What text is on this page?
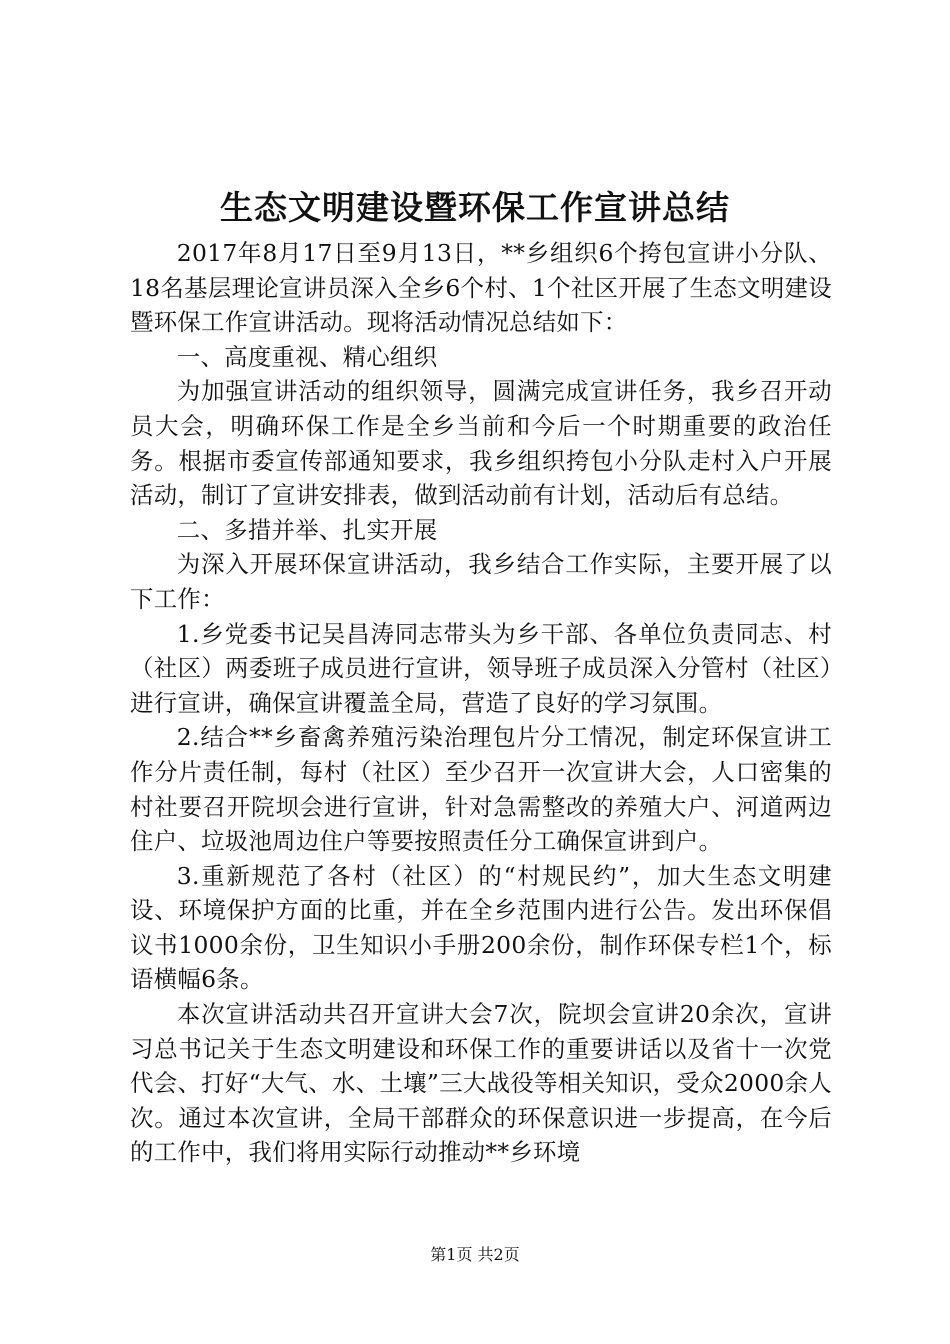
生态文明建设暨环保工作宣讲总结

2017年8月17日至9月13日，**乡组织6个挎包宣讲小分队、18名基层理论宣讲员深入全乡6个村、1个社区开展了生态文明建设暨环保工作宣讲活动。现将活动情况总结如下：

一、高度重视、精心组织

为加强宣讲活动的组织领导，圆满完成宣讲任务，我乡召开动员大会，明确环保工作是全乡当前和今后一个时期重要的政治任务。根据市委宣传部通知要求，我乡组织挎包小分队走村入户开展活动，制订了宣讲安排表，做到活动前有计划，活动后有总结。

二、多措并举、扎实开展

为深入开展环保宣讲活动，我乡结合工作实际，主要开展了以下工作：

1.乡党委书记吴昌涛同志带头为乡干部、各单位负责同志、村（社区）两委班子成员进行宣讲，领导班子成员深入分管村（社区）进行宣讲，确保宣讲覆盖全局，营造了良好的学习氛围。

2.结合**乡畜禽养殖污染治理包片分工情况，制定环保宣讲工作分片责任制，每村（社区）至少召开一次宣讲大会，人口密集的村社要召开院坝会进行宣讲，针对急需整改的养殖大户、河道两边住户、垃圾池周边住户等要按照责任分工确保宣讲到户。

3.重新规范了各村（社区）的“村规民约”，加大生态文明建设、环境保护方面的比重，并在全乡范围内进行公告。发出环保倡议书1000余份，卫生知识小手册200余份，制作环保专栏1个，标语横幅6条。

本次宣讲活动共召开宣讲大会7次，院坝会宣讲20余次，宣讲习总书记关于生态文明建设和环保工作的重要讲话以及省十一次党代会、打好“大气、水、土壤”三大战役等相关知识，受众2000余人次。通过本次宣讲，全局干部群众的环保意识进一步提高，在今后的工作中，我们将用实际行动推动**乡环境

第1页 共2页
